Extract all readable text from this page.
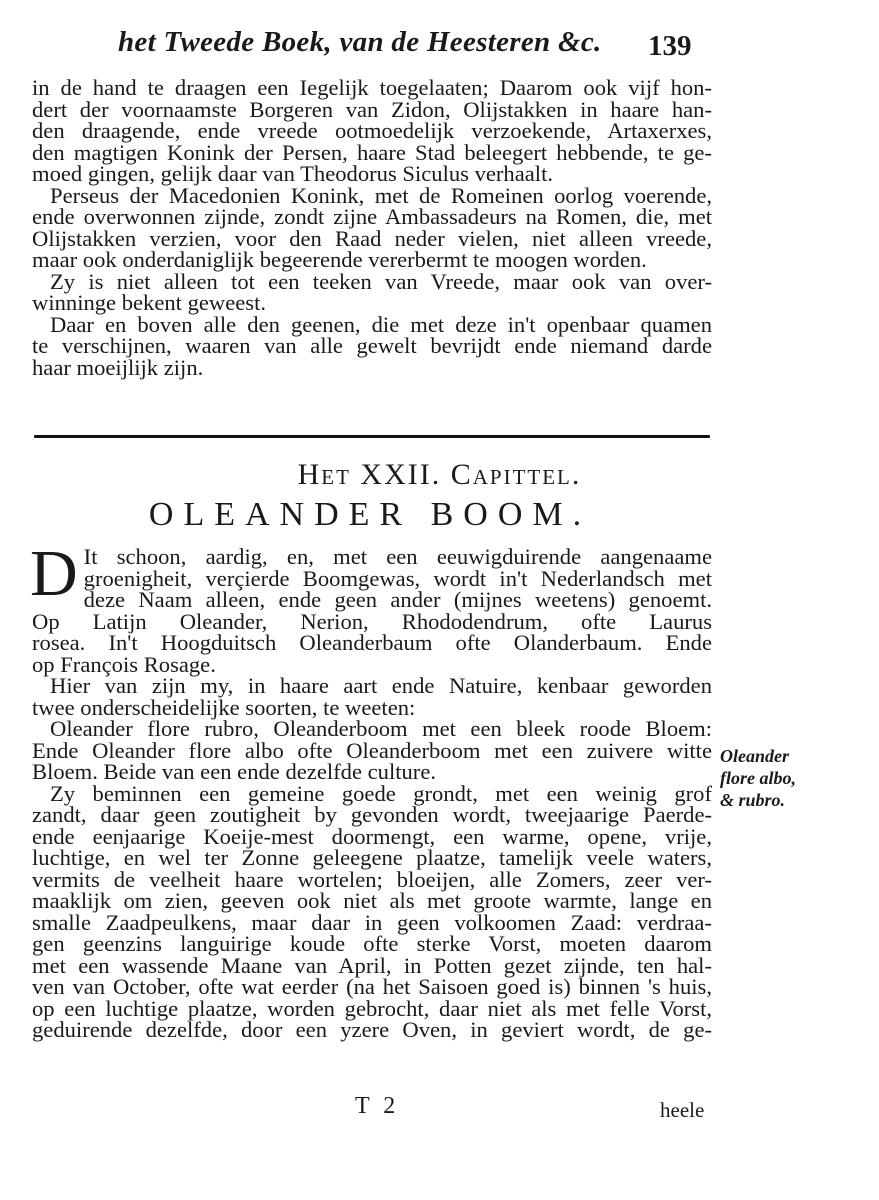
het Tweede Boek, van de Heesteren &c. 139
in de hand te draagen een Iegelijk toegelaaten; Daarom ook vijf hon-
dert der voornaamste Borgeren van Zidon, Olijstakken in haare han-
den draagende, ende vreede ootmoedelijk verzoekende, Artaxerxes,
den magtigen Konink der Persen, haare Stad beleegert hebbende, te ge-
moed gingen, gelijk daar van Theodorus Siculus verhaalt.
Perseus der Macedonien Konink, met de Romeinen oorlog voerende,
ende overwonnen zijnde, zondt zijne Ambassadeurs na Romen, die, met
Olijstakken verzien, voor den Raad neder vielen, niet alleen vreede,
maar ook onderdaniglijk begeerende vererbermt te moogen worden.
Zy is niet alleen tot een teeken van Vreede, maar ook van over-
winninge bekent geweest.
Daar en boven alle den geenen, die met deze in't openbaar quamen
te verschijnen, waaren van alle gewelt bevrijdt ende niemand darde
haar moeijlijk zijn.
Het XXII. Capittel.
OLEANDER BOOM.
D It schoon, aardig, en, met een eeuwigduirende aangenaame
groenigheit, verçierde Boomgewas, wordt in't Nederlandsch met
deze Naam alleen, ende geen ander (mijnes weetens) genoemt.
Op Latijn Oleander, Nerion, Rhododendrum, ofte Laurus
rosea. In't Hoogduitsch Oleanderbaum ofte Olanderbaum. Ende
op François Rosage.
Hier van zijn my, in haare aart ende Natuire, kenbaar geworden
twee onderscheidelijke soorten, te weeten:
Oleander flore rubro, Oleanderboom met een bleek roode Bloem:
Ende Oleander flore albo ofte Oleanderboom met een zuivere witte
Bloem. Beide van een ende dezelfde culture.
Zy beminnen een gemeine goede grondt, met een weinig grof
zandt, daar geen zoutigheit by gevonden wordt, tweejaarige Paerde-
ende eenjaarige Koeije-mest doormengt, een warme, opene, vrije,
luchtige, en wel ter Zonne geleegene plaatze, tamelijk veele waters,
vermits de veelheit haare wortelen; bloeijen, alle Zomers, zeer ver-
maaklijk om zien, geeven ook niet als met groote warmte, lange en
smalle Zaadpeulkens, maar daar in geen volkoomen Zaad: verdraa-
gen geenzins languirige koude ofte sterke Vorst, moeten daarom
met een wassende Maane van April, in Potten gezet zijnde, ten hal-
ven van October, ofte wat eerder (na het Saisoen goed is) binnen 's huis,
op een luchtige plaatze, worden gebrocht, daar niet als met felle Vorst,
geduirende dezelfde, door een yzere Oven, in geviert wordt, de ge-
Oleander
flore albo,
& rubro.
T 2	heele
